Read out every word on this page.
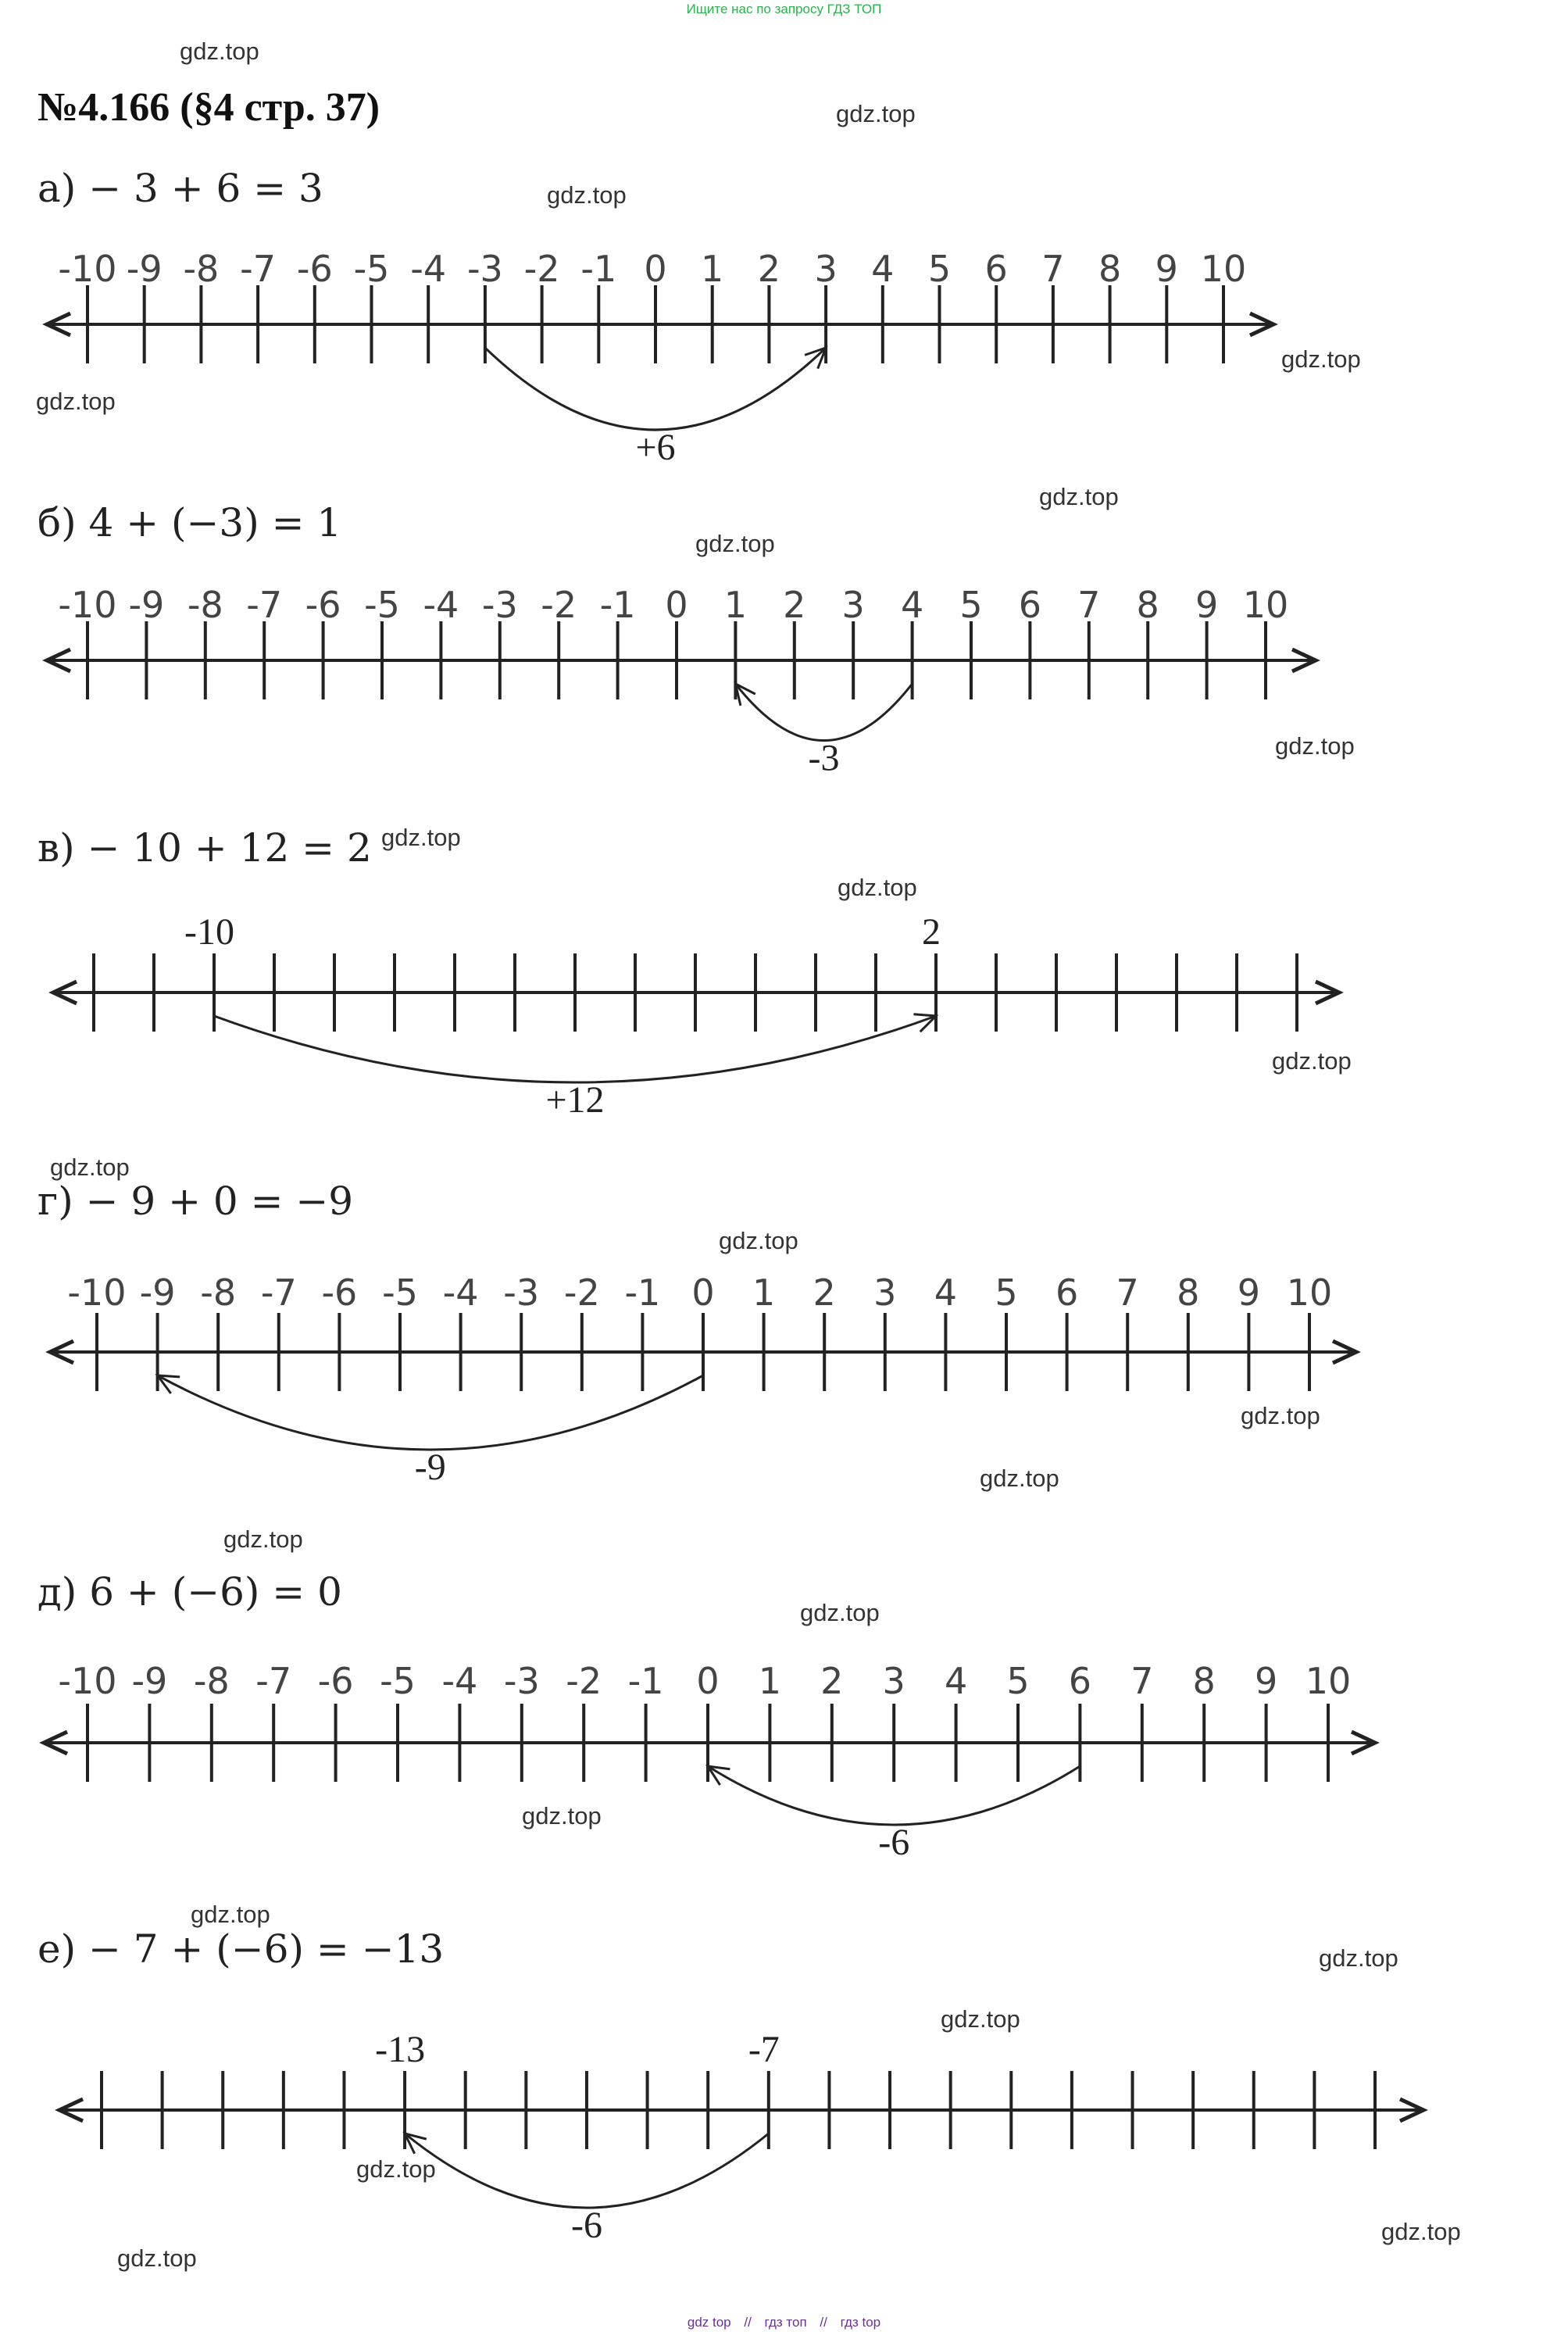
Ищите нас по запросу ГДЗ ТОП
№4.166 (§4 стр. 37)
а) − 3 + 6 = 3
б) 4 + (−3) = 1
в) − 10 + 12 = 2
г) − 9 + 0 = −9
д) 6 + (−6) = 0
е) − 7 + (−6) = −13
-10 -9 -8 -7 -6 -5 -4 -3 -2 -1 0 1 2 3 4 5 6 7 8 9 10
+6
-10 -9 -8 -7 -6 -5 -4 -3 -2 -1 0 1 2 3 4 5 6 7 8 9 10
-3
-10	2
+12
-10 -9 -8 -7 -6 -5 -4 -3 -2 -1 0 1 2 3 4 5 6 7 8 9 10
-9
-10 -9 -8 -7 -6 -5 -4 -3 -2 -1 0 1 2 3 4 5 6 7 8 9 10
-6
-13	-7
-6
gdz.top
gdz.top
gdz.top
gdz.top
gdz.top
gdz.top
gdz.top
gdz.top
gdz.top
gdz.top
gdz.top
gdz.top
gdz.top
gdz.top
gdz.top
gdz.top
gdz.top
gdz.top
gdz.top
gdz.top
gdz.top
gdz.top
gdz.top
gdz.top
gdz top // гдз топ // гдз top
